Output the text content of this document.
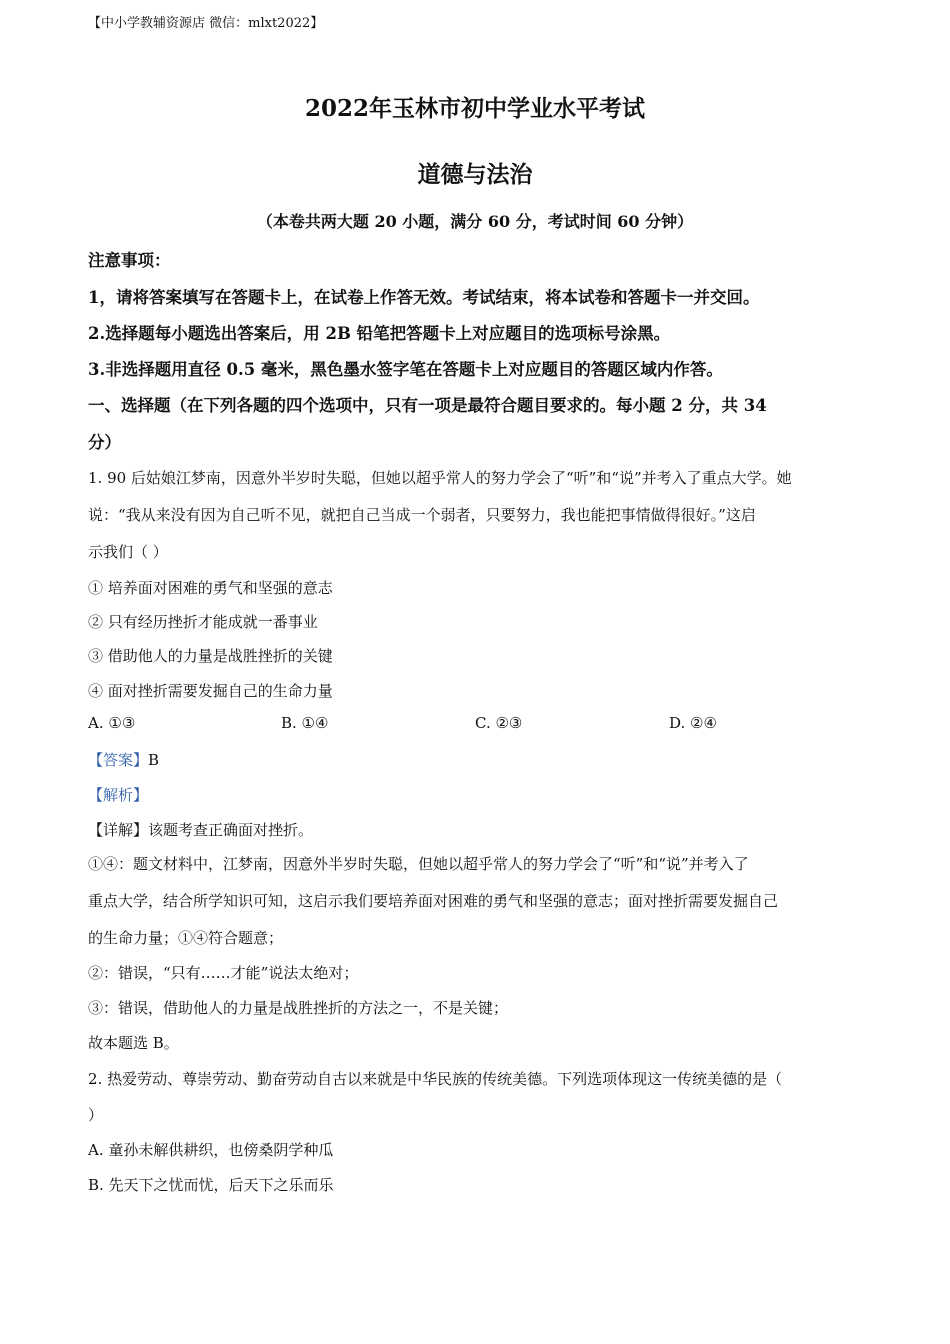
【中小学教辅资源店 微信：mlxt2022】
2022年玉林市初中学业水平考试
道德与法治
（本卷共两大题 20 小题，满分 60 分，考试时间 60 分钟）
注意事项：
1，请将答案填写在答题卡上，在试卷上作答无效。考试结束，将本试卷和答题卡一并交回。
2.选择题每小题选出答案后，用 2B 铅笔把答题卡上对应题目的选项标号涂黑。
3.非选择题用直径 0.5 毫米，黑色墨水签字笔在答题卡上对应题目的答题区域内作答。
一、选择题（在下列各题的四个选项中，只有一项是最符合题目要求的。每小题 2 分，共 34
分）
1. 90 后姑娘江梦南，因意外半岁时失聪，但她以超乎常人的努力学会了“听”和“说”并考入了重点大学。她
说：“我从来没有因为自己听不见，就把自己当成一个弱者，只要努力，我也能把事情做得很好。”这启
示我们（ ）
① 培养面对困难的勇气和坚强的意志
② 只有经历挫折才能成就一番事业
③ 借助他人的力量是战胜挫折的关键
④ 面对挫折需要发掘自己的生命力量
A. ①③	B. ①④	C. ②③	D. ②④
【答案】B
【解析】
【详解】该题考查正确面对挫折。
①④：题文材料中，江梦南，因意外半岁时失聪，但她以超乎常人的努力学会了“听”和“说”并考入了
重点大学，结合所学知识可知，这启示我们要培养面对困难的勇气和坚强的意志；面对挫折需要发掘自己
的生命力量；①④符合题意；
②：错误，“只有……才能”说法太绝对；
③：错误，借助他人的力量是战胜挫折的方法之一，不是关键；
故本题选 B。
2. 热爱劳动、尊崇劳动、勤奋劳动自古以来就是中华民族的传统美德。下列选项体现这一传统美德的是（
）
A. 童孙未解供耕织，也傍桑阴学种瓜
B. 先天下之忧而忧，后天下之乐而乐
